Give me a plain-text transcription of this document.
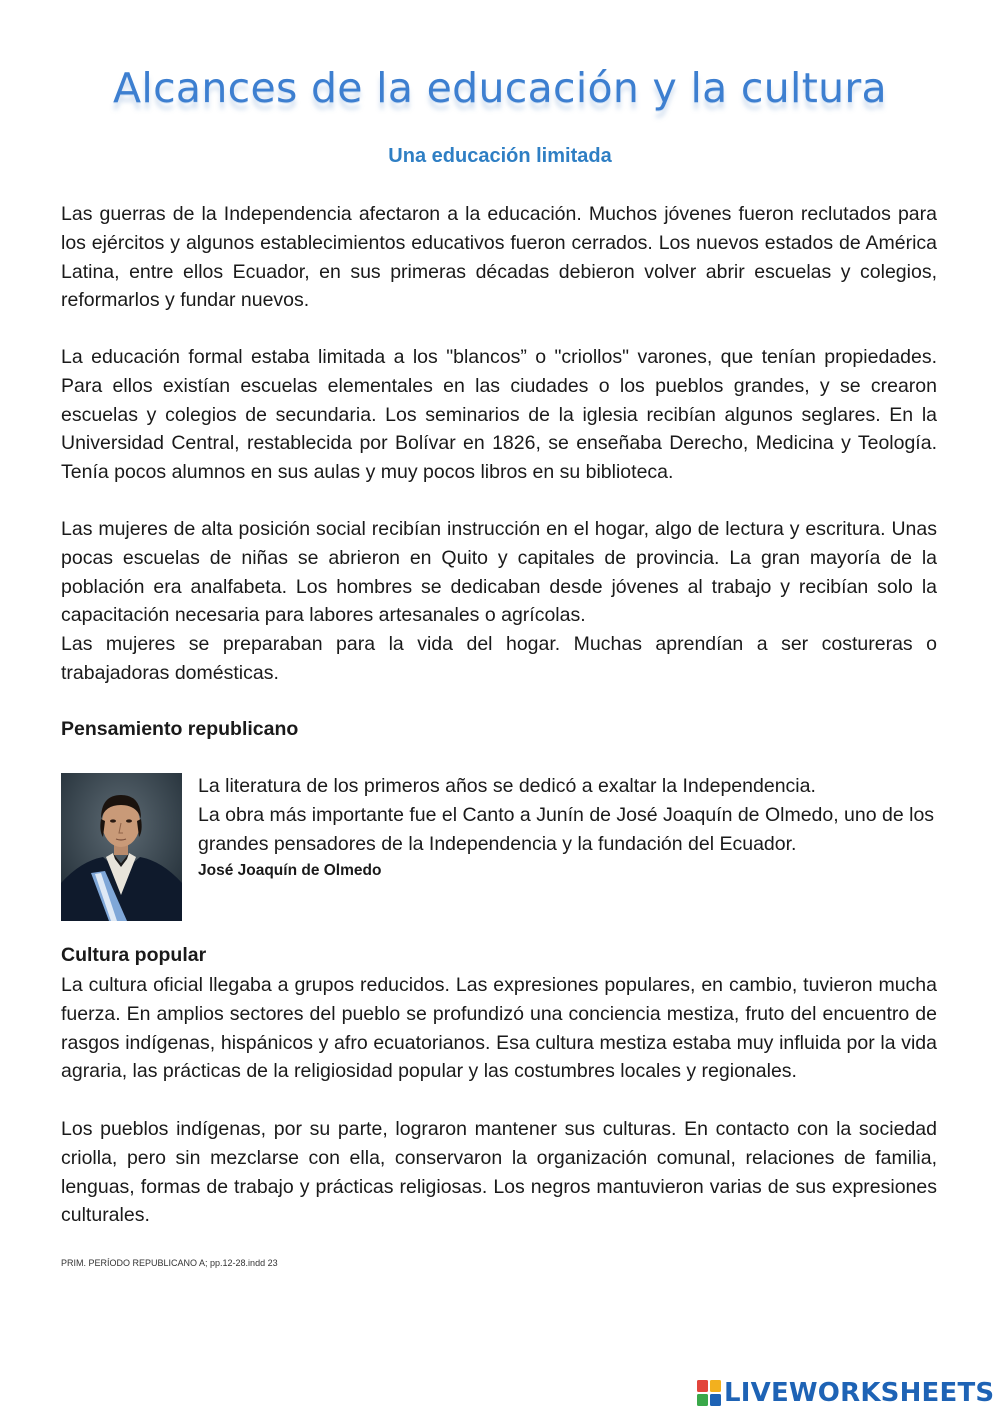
Alcances de la educación y la cultura
Una educación limitada

Las guerras de la Independencia afectaron a la educación. Muchos jóvenes fueron reclutados para los ejércitos y algunos establecimientos educativos fueron cerrados. Los nuevos estados de América Latina, entre ellos Ecuador, en sus primeras décadas debieron volver abrir escuelas y colegios, reformarlos y fundar nuevos.

La educación formal estaba limitada a los "blancos” o "criollos" varones, que tenían propiedades. Para ellos existían escuelas elementales en las ciudades o los pueblos grandes, y se crearon escuelas y colegios de secundaria. Los seminarios de la iglesia recibían algunos seglares. En la Universidad Central, restablecida por Bolívar en 1826, se enseñaba Derecho, Medicina y Teología. Tenía pocos alumnos en sus aulas y muy pocos libros en su biblioteca.

Las mujeres de alta posición social recibían instrucción en el hogar, algo de lectura y escritura. Unas pocas escuelas de niñas se abrieron en Quito y capitales de provincia. La gran mayoría de la población era analfabeta. Los hombres se dedicaban desde jóvenes al trabajo y recibían solo la capacitación necesaria para labores artesanales o agrícolas.

Las mujeres se preparaban para la vida del hogar. Muchas aprendían a ser costureras o trabajadoras domésticas.

Pensamiento republicano

La literatura de los primeros años se dedicó a exaltar la Independencia.
La obra más importante fue el Canto a Junín de José Joaquín de Olmedo, uno de los grandes pensadores de la Independencia y la fundación del Ecuador.

José Joaquín de Olmedo

Cultura popular

La cultura oficial llegaba a grupos reducidos. Las expresiones populares, en cambio, tuvieron mucha fuerza. En amplios sectores del pueblo se profundizó una conciencia mestiza, fruto del encuentro de rasgos indígenas, hispánicos y afro ecuatorianos. Esa cultura mestiza estaba muy influida por la vida agraria, las prácticas de la religiosidad popular y las costumbres locales y regionales.

Los pueblos indígenas, por su parte, lograron mantener sus culturas. En contacto con la sociedad criolla, pero sin mezclarse con ella, conservaron la organización comunal, relaciones de familia, lenguas, formas de trabajo y prácticas religiosas. Los negros mantuvieron varias de sus expresiones culturales.

PRIM. PERÍODO REPUBLICANO A; pp.12-28.indd 23
LIVEWORKSHEETS
